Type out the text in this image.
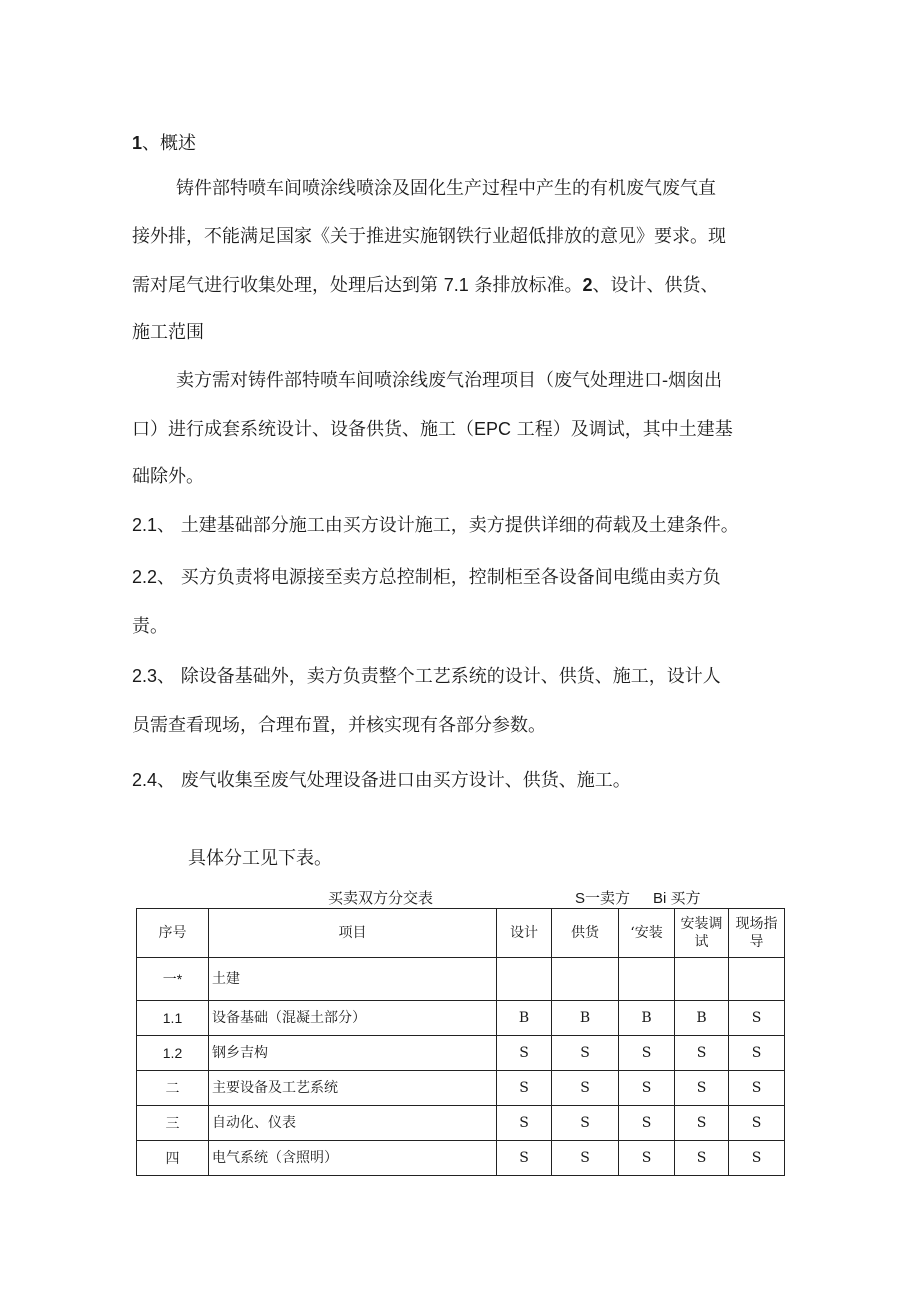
1、概述
铸件部特喷车间喷涂线喷涂及固化生产过程中产生的有机废气废气直
接外排，不能满足国家《关于推进实施钢铁行业超低排放的意见》要求。现
需对尾气进行收集处理，处理后达到第 7.1 条排放标准。2、设计、供货、
施工范围
卖方需对铸件部特喷车间喷涂线废气治理项目（废气处理进口-烟囱出
口）进行成套系统设计、设备供货、施工（EPC 工程）及调试，其中土建基
础除外。
2.1、 土建基础部分施工由买方设计施工，卖方提供详细的荷载及土建条件。
2.2、 买方负责将电源接至卖方总控制柜，控制柜至各设备间电缆由卖方负
责。
2.3、 除设备基础外，卖方负责整个工艺系统的设计、供货、施工，设计人
员需查看现场，合理布置，并核实现有各部分参数。
2.4、 废气收集至废气处理设备进口由买方设计、供货、施工。
具体分工见下表。
买卖双方分交表	S一卖方 Bi 买方
序号	项目	设计	供货	‘安装	安装调试	现场指导
一*	土建					
1.1	设备基础（混凝土部分）	B	B	B	B	S
1.2	钢乡吉构	S	S	S	S	S
二	主要设备及工艺系统	S	S	S	S	S
三	自动化、仪表	S	S	S	S	S
四	电气系统（含照明）	S	S	S	S	S
